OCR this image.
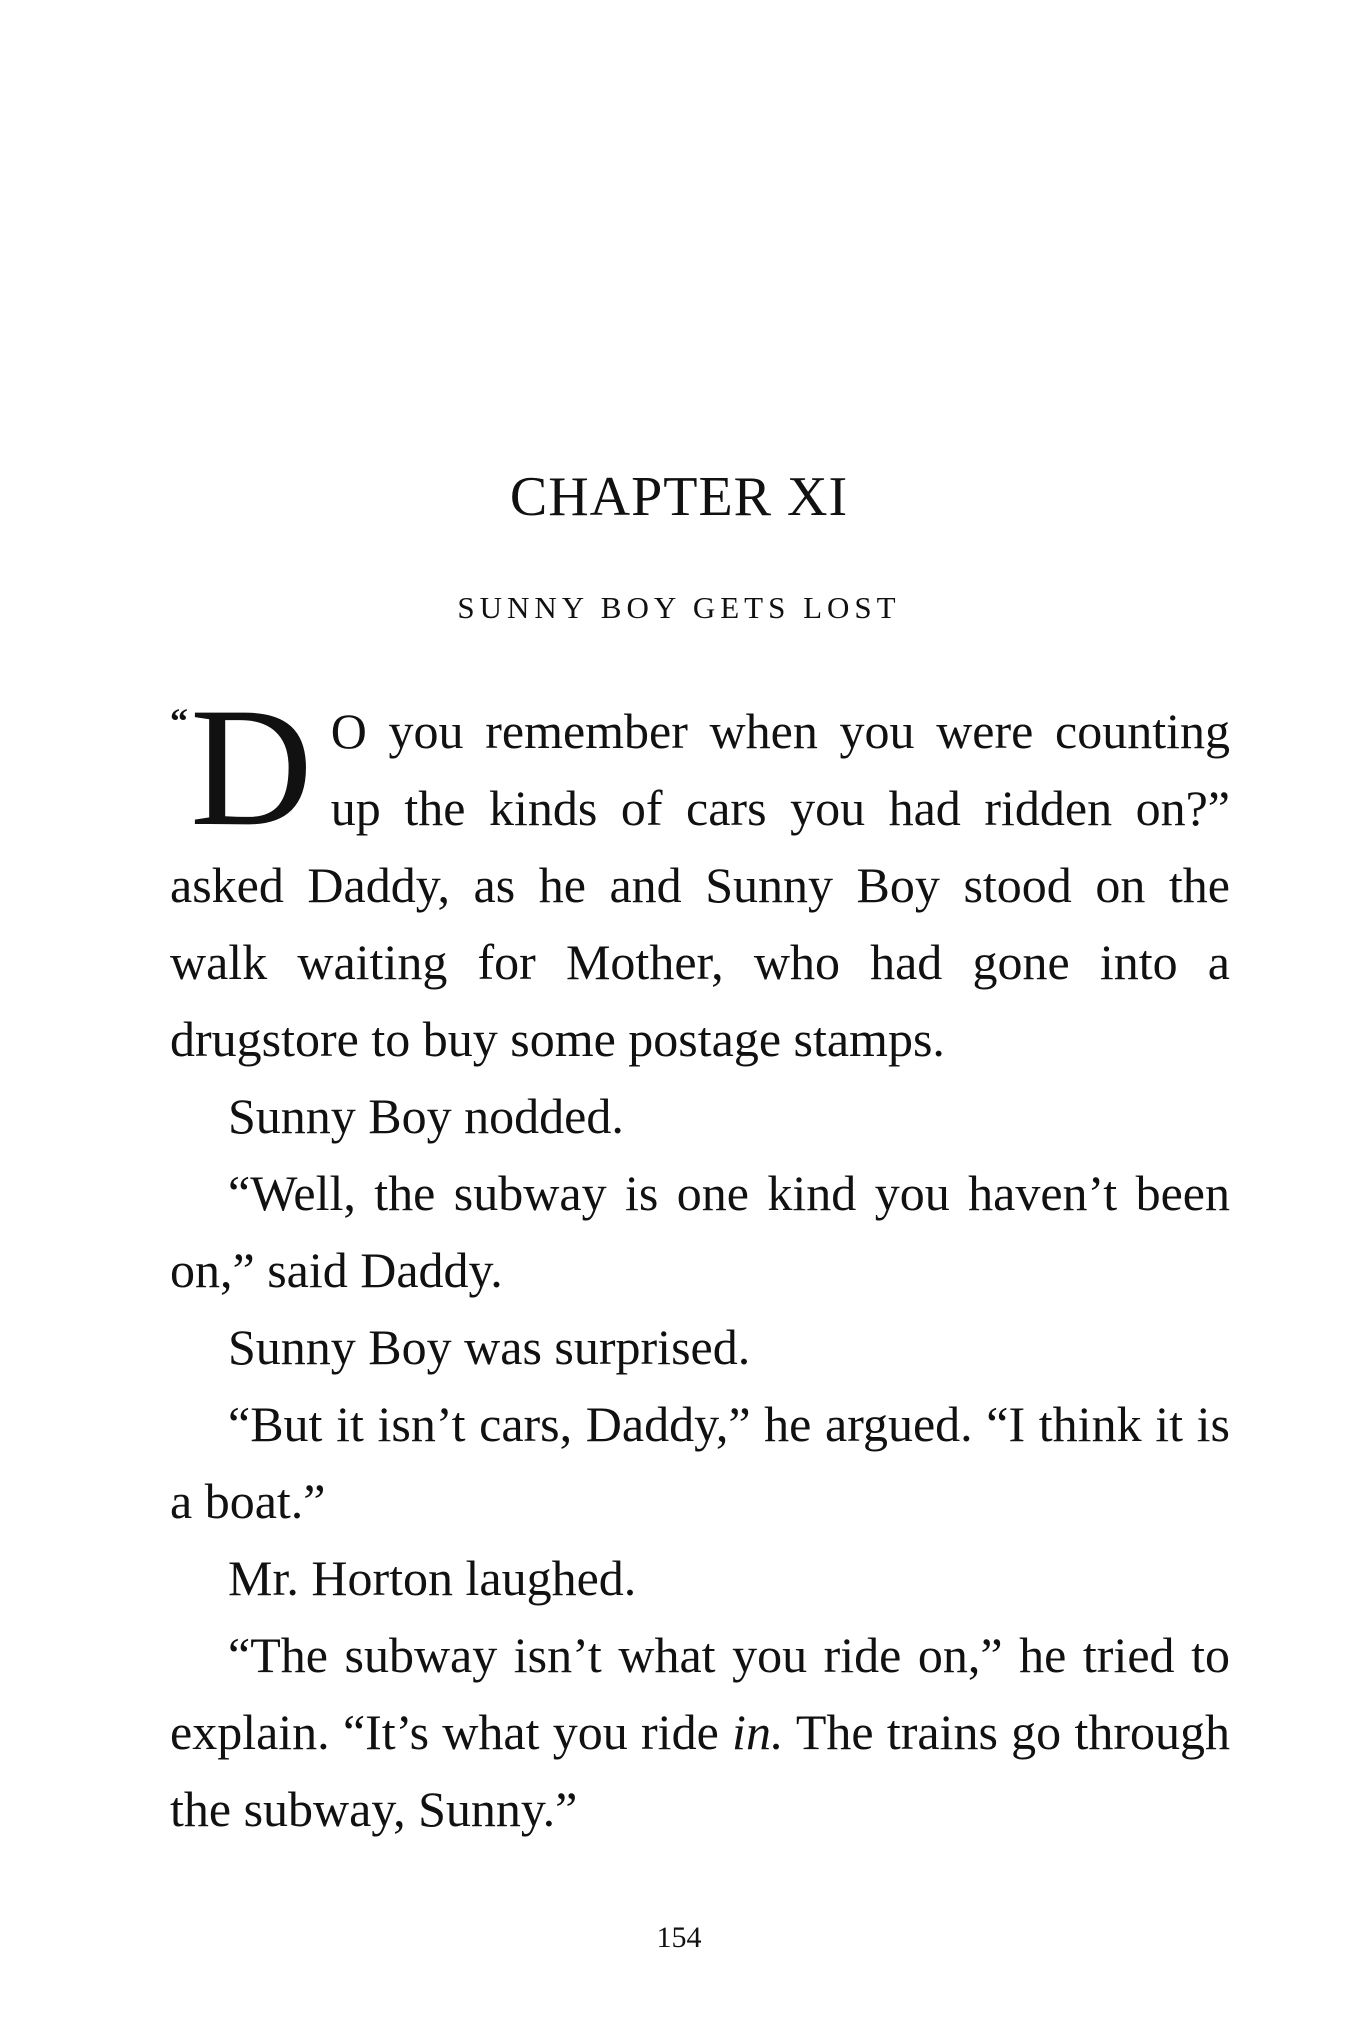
CHAPTER XI
SUNNY BOY GETS LOST

“ D O you remember when you were counting up the kinds of cars you had ridden on?” asked Daddy, as he and Sunny Boy stood on the walk waiting for Mother, who had gone into a drugstore to buy some postage stamps.

Sunny Boy nodded.

“Well, the subway is one kind you haven’t been on,” said Daddy.

Sunny Boy was surprised.

“But it isn’t cars, Daddy,” he argued. “I think it is a boat.”

Mr. Horton laughed.

“The subway isn’t what you ride on,” he tried to explain. “It’s what you ride in. The trains go through the subway, Sunny.”

154
